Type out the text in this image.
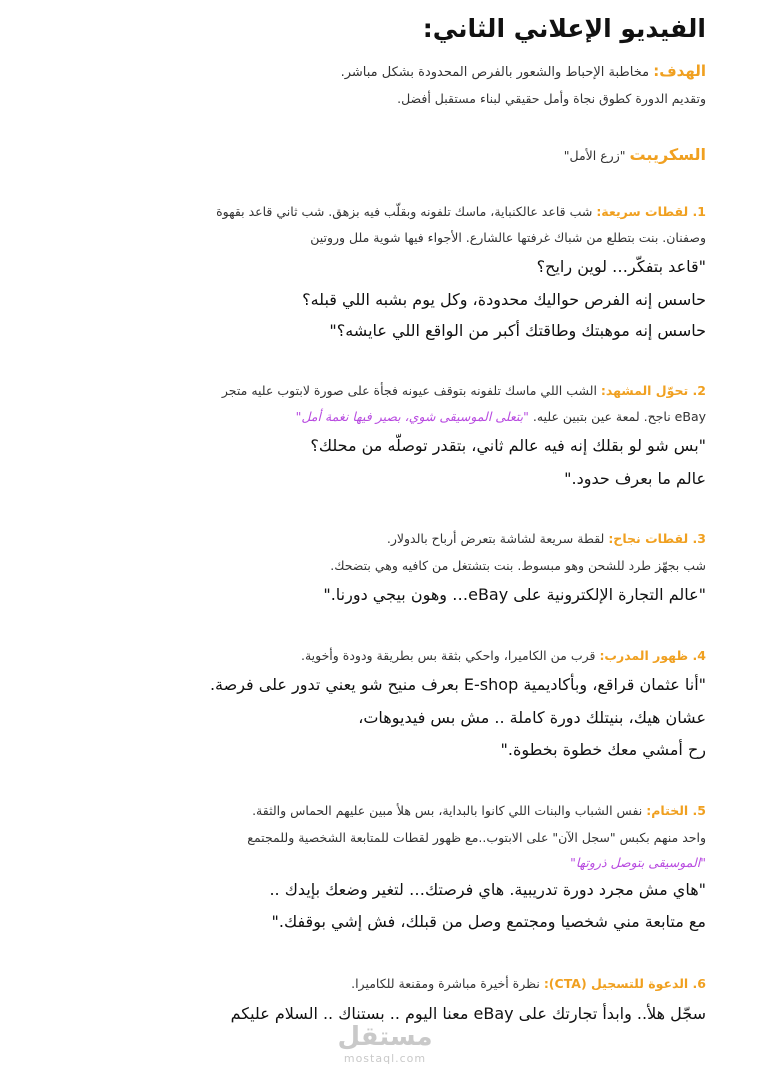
الفيديو الإعلاني الثاني:
الهدف: مخاطبة الإحباط والشعور بالفرص المحدودة بشكل مباشر.
وتقديم الدورة كطوق نجاة وأمل حقيقي لبناء مستقبل أفضل.
السكريبت "زرع الأمل"
1. لقطات سريعة: شب قاعد عالكنباية، ماسك تلفونه وبقلّب فيه بزهق. شب ثاني قاعد بقهوة
وصفنان. بنت بتطلع من شباك غرفتها عالشارع. الأجواء فيها شوية ملل وروتين
"قاعد بتفكّر… لوين رايح؟
حاسس إنه الفرص حواليك محدودة، وكل يوم بشبه اللي قبله؟
حاسس إنه موهبتك وطاقتك أكبر من الواقع اللي عايشه؟"
2. تحوّل المشهد: الشب اللي ماسك تلفونه بتوقف عيونه فجأة على صورة لابتوب عليه متجر
eBay ناجح. لمعة عين بتبين عليه. "بتعلى الموسيقى شوي، بصير فيها نغمة أمل"
"بس شو لو بقلك إنه فيه عالم ثاني، بتقدر توصلّه من محلك؟
عالم ما بعرف حدود."
3. لقطات نجاح: لقطة سريعة لشاشة بتعرض أرباح بالدولار.
شب بجهّز طرد للشحن وهو مبسوط. بنت بتشتغل من كافيه وهي بتضحك.
"عالم التجارة الإلكترونية على eBay… وهون بيجي دورنا."
4. ظهور المدرب: قرب من الكاميرا، واحكي بثقة بس بطريقة ودودة وأخوية.
"أنا عثمان قراقع، وبأكاديمية E-shop بعرف منيح شو يعني تدور على فرصة.
عشان هيك، بنيتلك دورة كاملة .. مش بس فيديوهات،
رح أمشي معك خطوة بخطوة."
5. الختام: نفس الشباب والبنات اللي كانوا بالبداية، بس هلأ مبين عليهم الحماس والثقة.
واحد منهم بكبس "سجل الآن" على الابتوب..مع ظهور لقطات للمتابعة الشخصية وللمجتمع
"الموسيقى بتوصل ذروتها"
"هاي مش مجرد دورة تدريبية. هاي فرصتك… لتغير وضعك بإيدك ..
مع متابعة مني شخصيا ومجتمع وصل من قبلك، فش إشي بوقفك."
6. الدعوة للتسجيل (CTA): نظرة أخيرة مباشرة ومقنعة للكاميرا.
سجّل هلأ.. وابدأ تجارتك على eBay معنا اليوم .. بستناك .. السلام عليكم
مستقل
mostaql.com
